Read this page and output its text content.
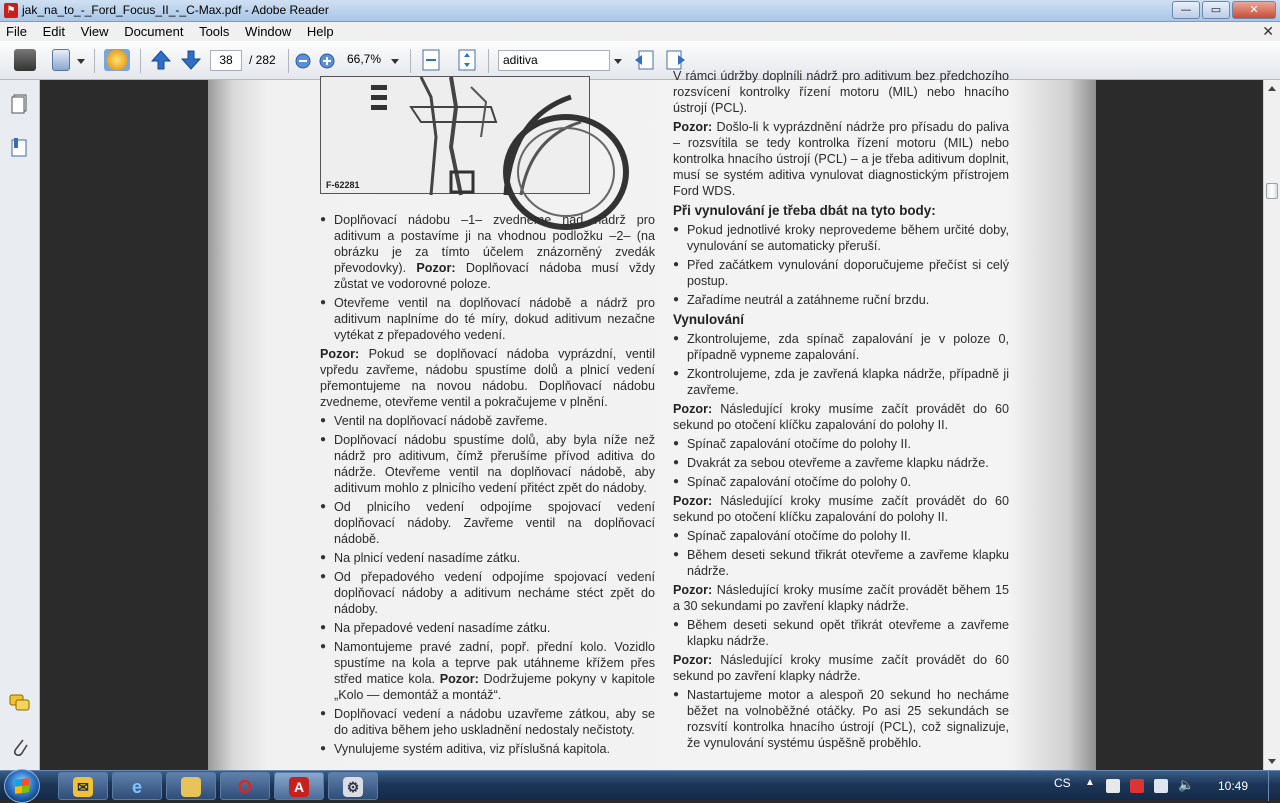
⚑ jak_na_to_-_Ford_Focus_II_-_C-Max.pdf - Adobe Reader	—	▭	✕
File Edit View Document Tools Window Help	✕
38	/ 282	66,7%	aditiva
F-62281

● Doplňovací nádobu –1– zvedneme nad nádrž pro aditivum a postavíme ji na vhodnou podložku –2– (na obrázku je za tímto účelem znázorněný zvedák převodovky). Pozor: Doplňovací nádoba musí vždy zůstat ve vodorovné poloze.

● Otevřeme ventil na doplňovací nádobě a nádrž pro aditivum naplníme do té míry, dokud aditivum nezačne vytékat z přepadového vedení.

Pozor: Pokud se doplňovací nádoba vyprázdní, ventil vpředu zavřeme, nádobu spustíme dolů a plnicí vedení přemontujeme na novou nádobu. Doplňovací nádobu zvedneme, otevřeme ventil a pokračujeme v plnění.

● Ventil na doplňovací nádobě zavřeme.

● Doplňovací nádobu spustíme dolů, aby byla níže než nádrž pro aditivum, čímž přerušíme přívod aditiva do nádrže. Otevřeme ventil na doplňovací nádobě, aby aditivum mohlo z plnicího vedení přitéct zpět do nádoby.

● Od plnicího vedení odpojíme spojovací vedení doplňovací nádoby. Zavřeme ventil na doplňovací nádobě.

● Na plnicí vedení nasadíme zátku.

● Od přepadového vedení odpojíme spojovací vedení doplňovací nádoby a aditivum necháme stéct zpět do nádoby.

● Na přepadové vedení nasadíme zátku.

● Namontujeme pravé zadní, popř. přední kolo. Vozidlo spustíme na kola a teprve pak utáhneme křížem přes střed matice kola. Pozor: Dodržujeme pokyny v kapitole „Kolo — demontáž a montáž“.

● Doplňovací vedení a nádobu uzavřeme zátkou, aby se do aditiva během jeho uskladnění nedostaly nečistoty.

● Vynulujeme systém aditiva, viz příslušná kapitola.

V rámci údržby doplníli nádrž pro aditivum bez předchozího rozsvícení kontrolky řízení motoru (MIL) nebo hnacího ústrojí (PCL).

Pozor: Došlo-li k vyprázdnění nádrže pro přísadu do paliva – rozsvítila se tedy kontrolka řízení motoru (MIL) nebo kontrolka hnacího ústrojí (PCL) – a je třeba aditivum doplnit, musí se systém aditiva vynulovat diagnostickým přístrojem Ford WDS.

Při vynulování je třeba dbát na tyto body:

● Pokud jednotlivé kroky neprovedeme během určité doby, vynulování se automaticky přeruší.

● Před začátkem vynulování doporučujeme přečíst si celý postup.

● Zařadíme neutrál a zatáhneme ruční brzdu.

Vynulování

● Zkontrolujeme, zda spínač zapalování je v poloze 0, případně vypneme zapalování.

● Zkontrolujeme, zda je zavřená klapka nádrže, případně ji zavřeme.

Pozor: Následující kroky musíme začít provádět do 60 sekund po otočení klíčku zapalování do polohy II.

● Spínač zapalování otočíme do polohy II.

● Dvakrát za sebou otevřeme a zavřeme klapku nádrže.

● Spínač zapalování otočíme do polohy 0.

Pozor: Následující kroky musíme začít provádět do 60 sekund po otočení klíčku zapalování do polohy II.

● Spínač zapalování otočíme do polohy II.

● Během deseti sekund třikrát otevřeme a zavřeme klapku nádrže.

Pozor: Následující kroky musíme začít provádět během 15 a 30 sekundami po zavření klapky nádrže.

● Během deseti sekund opět třikrát otevřeme a zavřeme klapku nádrže.

Pozor: Následující kroky musíme začít provádět do 60 sekund po zavření klapky nádrže.

● Nastartujeme motor a alespoň 20 sekund ho necháme běžet na volnoběžné otáčky. Po asi 25 sekundách se rozsvítí kontrolka hnacího ústrojí (PCL), což signalizuje, že vynulování systému úspěšně proběhlo.

✉ e	O	A	⚙	CS ▲	🔈 10:49
